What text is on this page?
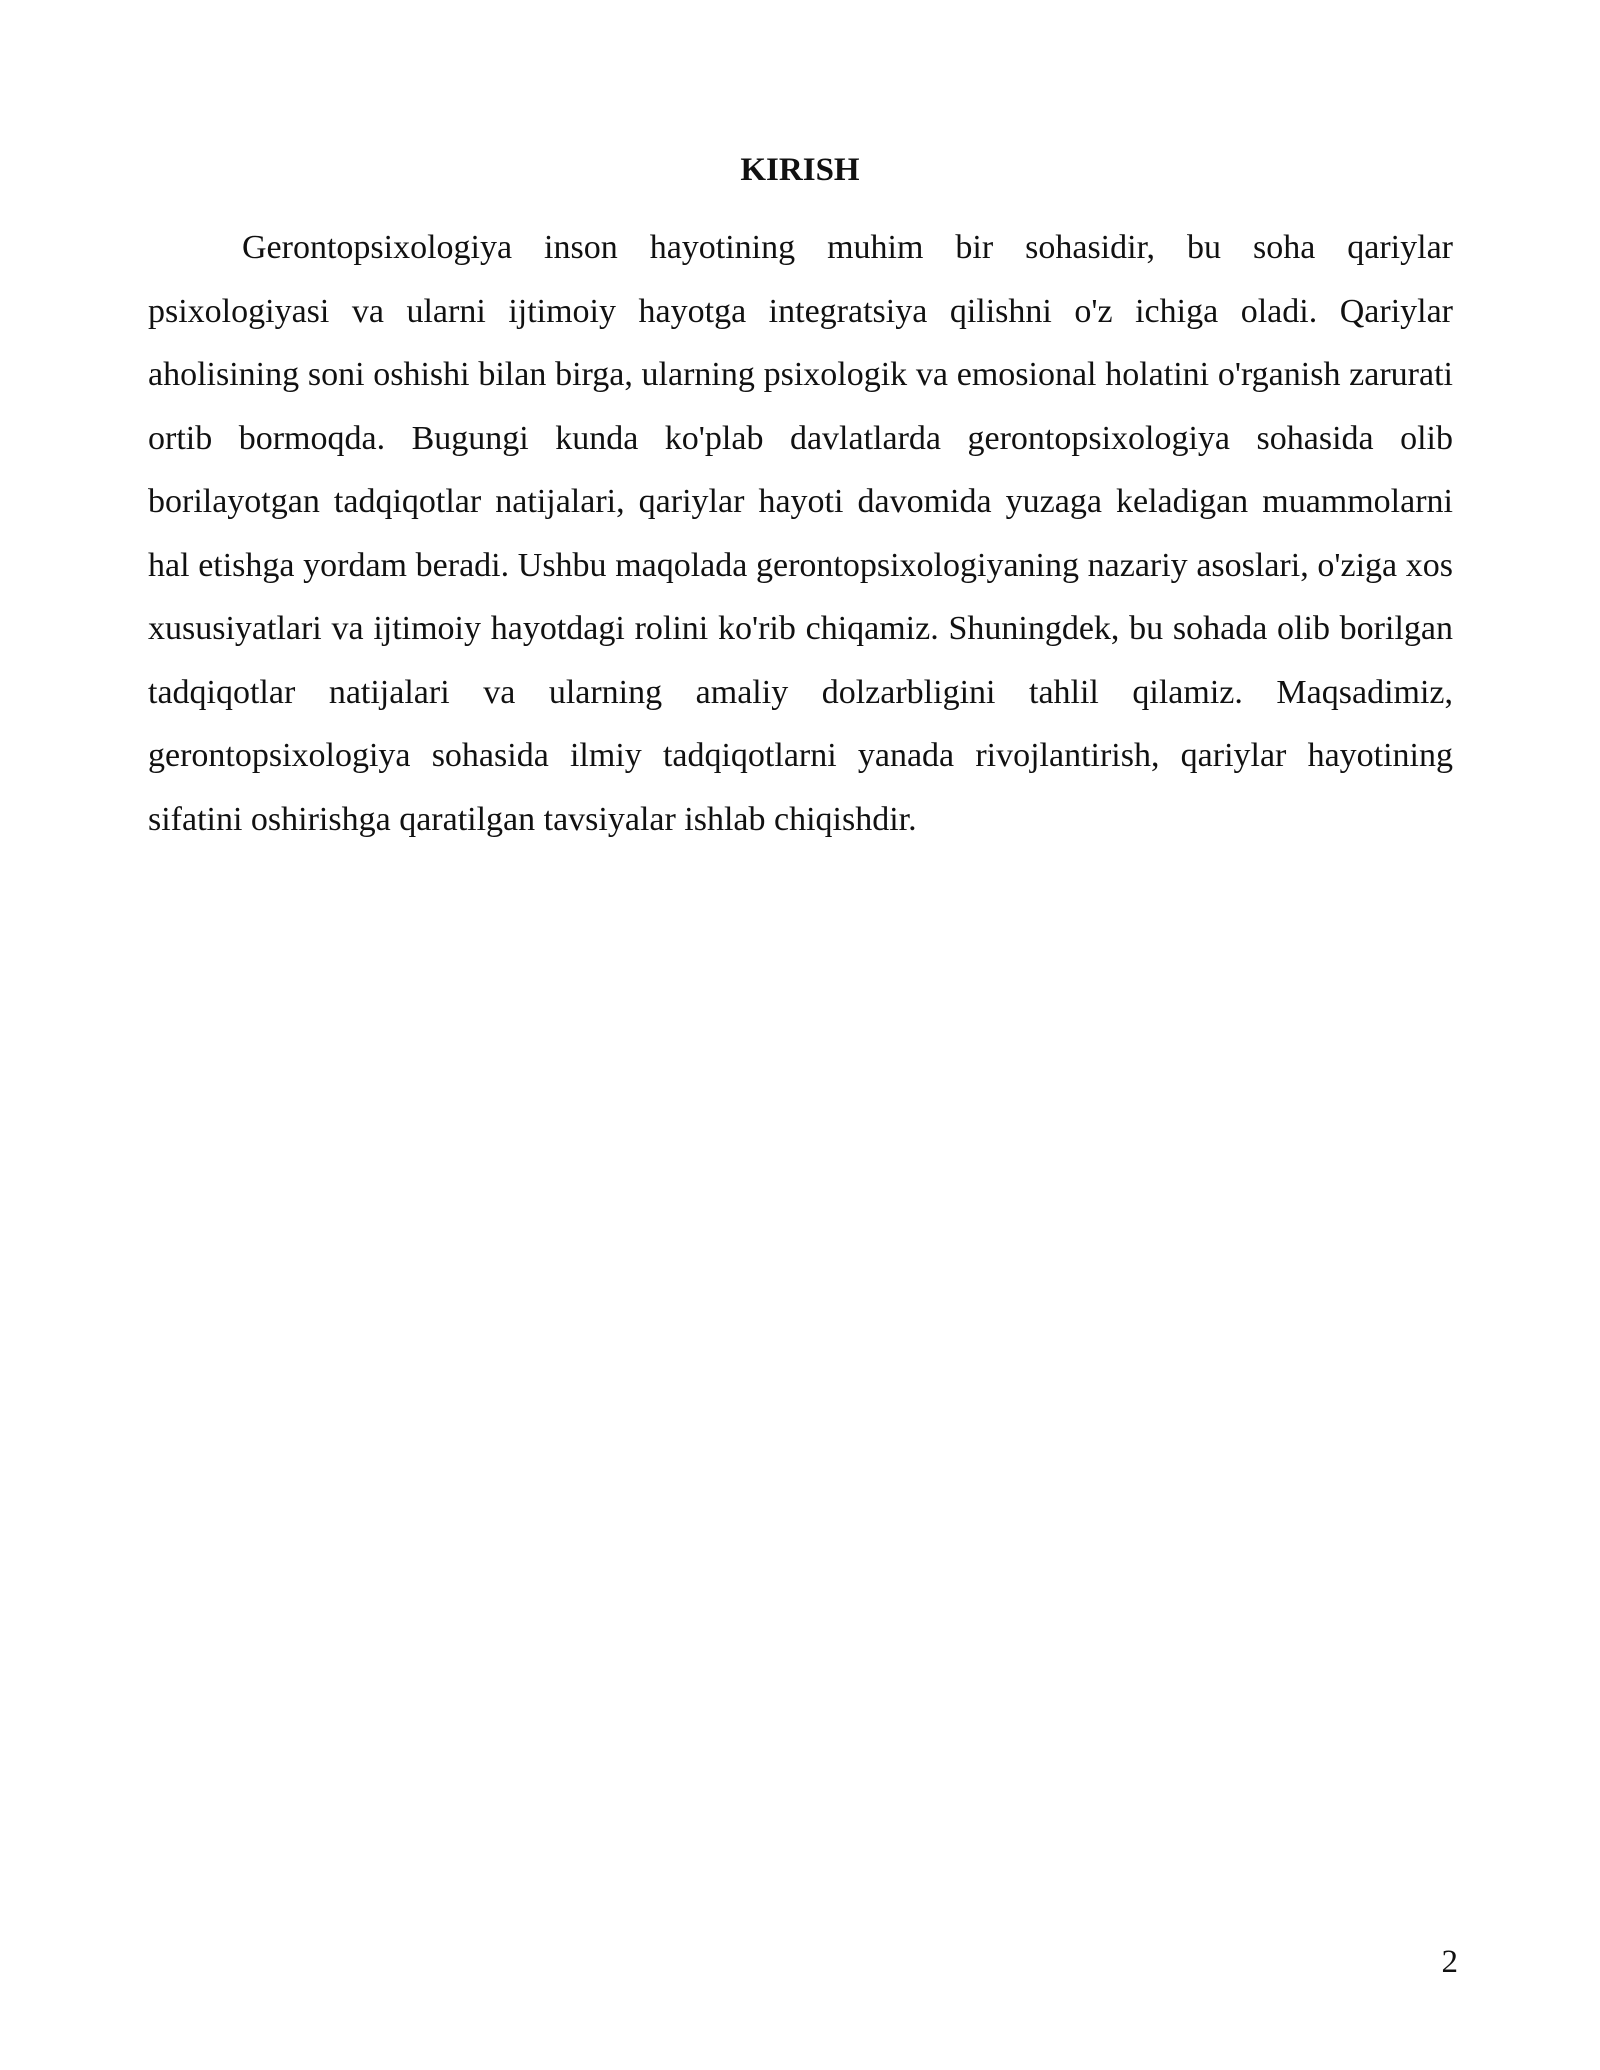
KIRISH

Gerontopsixologiya inson hayotining muhim bir sohasidir, bu soha qariylar psixologiyasi va ularni ijtimoiy hayotga integratsiya qilishni o'z ichiga oladi. Qariylar aholisining soni oshishi bilan birga, ularning psixologik va emosional holatini o'rganish zarurati ortib bormoqda. Bugungi kunda ko'plab davlatlarda gerontopsixologiya sohasida olib borilayotgan tadqiqotlar natijalari, qariylar hayoti davomida yuzaga keladigan muammolarni hal etishga yordam beradi. Ushbu maqolada gerontopsixologiyaning nazariy asoslari, o'ziga xos xususiyatlari va ijtimoiy hayotdagi rolini ko'rib chiqamiz. Shuningdek, bu sohada olib borilgan tadqiqotlar natijalari va ularning amaliy dolzarbligini tahlil qilamiz. Maqsadimiz, gerontopsixologiya sohasida ilmiy tadqiqotlarni yanada rivojlantirish, qariylar hayotining sifatini oshirishga qaratilgan tavsiyalar ishlab chiqishdir.

2
